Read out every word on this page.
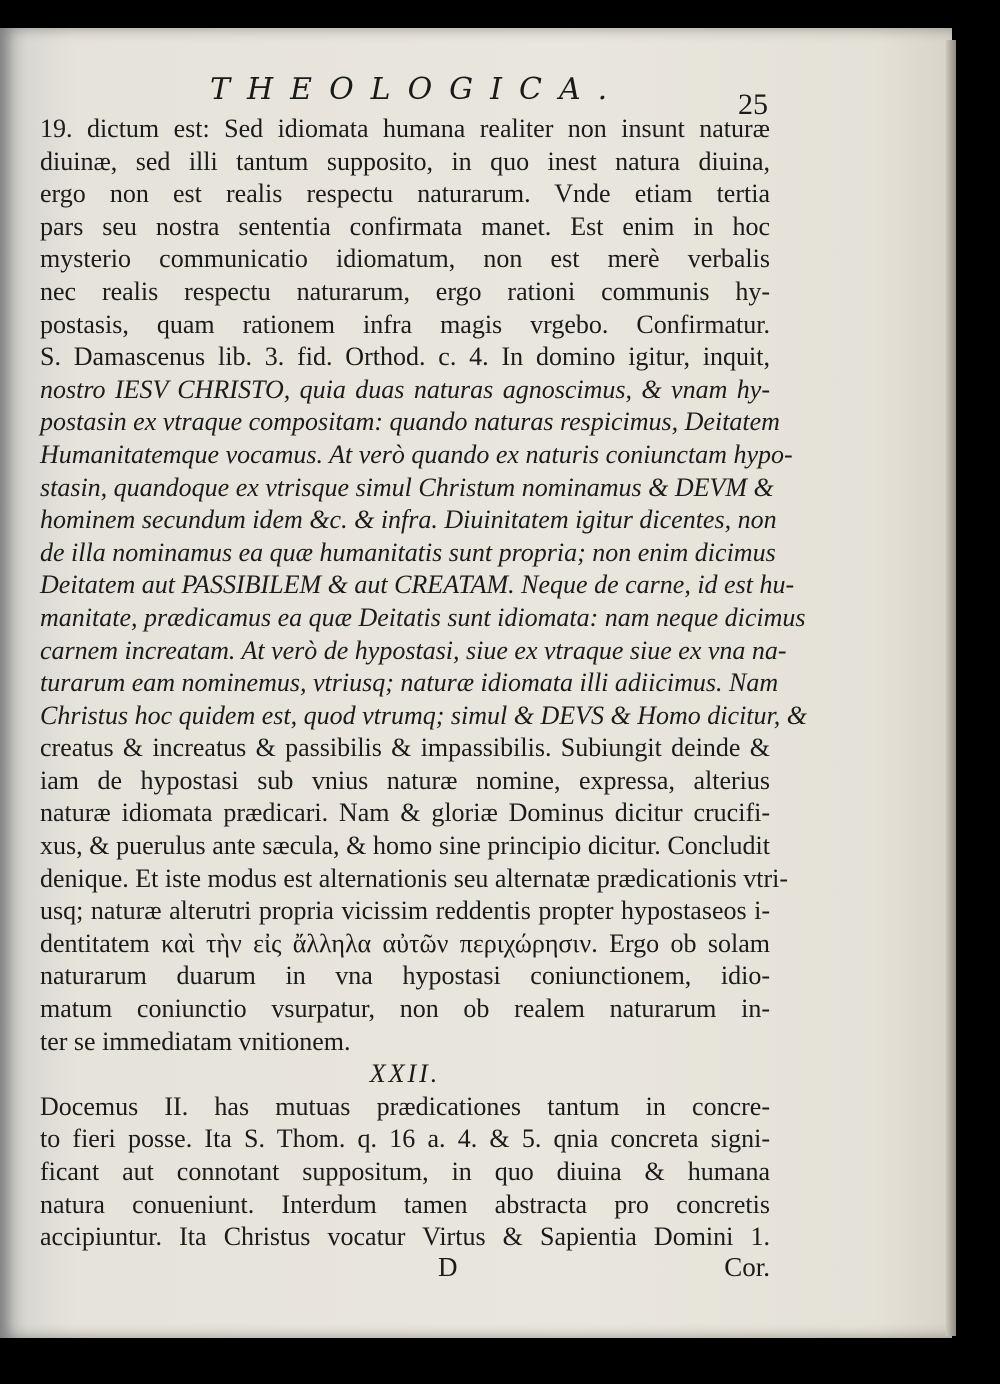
THEOLOGICA.	25
19. dictum est: Sed idiomata humana realiter non insunt naturæ
diuinæ, sed illi tantum supposito, in quo inest natura diuina,
ergo non est realis respectu naturarum. Vnde etiam tertia
pars seu nostra sententia confirmata manet. Est enim in hoc
mysterio communicatio idiomatum, non est merè verbalis
nec realis respectu naturarum, ergo rationi communis hy-
postasis, quam rationem infra magis vrgebo. Confirmatur.
S. Damascenus lib. 3. fid. Orthod. c. 4. In domino igitur, inquit,
nostro IESV CHRISTO, quia duas naturas agnoscimus, & vnam hy-
postasin ex vtraque compositam: quando naturas respicimus, Deitatem
Humanitatemque vocamus. At verò quando ex naturis coniunctam hypo-
stasin, quandoque ex vtrisque simul Christum nominamus & DEVM &
hominem secundum idem &c. & infra. Diuinitatem igitur dicentes, non
de illa nominamus ea quæ humanitatis sunt propria; non enim dicimus
Deitatem aut PASSIBILEM & aut CREATAM. Neque de carne, id est hu-
manitate, prædicamus ea quæ Deitatis sunt idiomata: nam neque dicimus
carnem increatam. At verò de hypostasi, siue ex vtraque siue ex vna na-
turarum eam nominemus, vtriusq; naturæ idiomata illi adiicimus. Nam
Christus hoc quidem est, quod vtrumq; simul & DEVS & Homo dicitur, &
creatus & increatus & passibilis & impassibilis. Subiungit deinde &
iam de hypostasi sub vnius naturæ nomine, expressa, alterius
naturæ idiomata prædicari. Nam & gloriæ Dominus dicitur crucifi-
xus, & puerulus ante sæcula, & homo sine principio dicitur. Concludit
denique. Et iste modus est alternationis seu alternatæ prædicationis vtri-
usq; naturæ alterutri propria vicissim reddentis propter hypostaseos i-
dentitatem καὶ τὴν εἰς ἄλληλα αὐτῶν περιχώρησιν. Ergo ob solam
naturarum duarum in vna hypostasi coniunctionem, idio-
matum coniunctio vsurpatur, non ob realem naturarum in-
ter se immediatam vnitionem.
XXII.
Docemus II. has mutuas prædicationes tantum in concre-
to fieri posse. Ita S. Thom. q. 16 a. 4. & 5. qnia concreta signi-
ficant aut connotant suppositum, in quo diuina & humana
natura conueniunt. Interdum tamen abstracta pro concretis
accipiuntur. Ita Christus vocatur Virtus & Sapientia Domini 1.
D	Cor.
